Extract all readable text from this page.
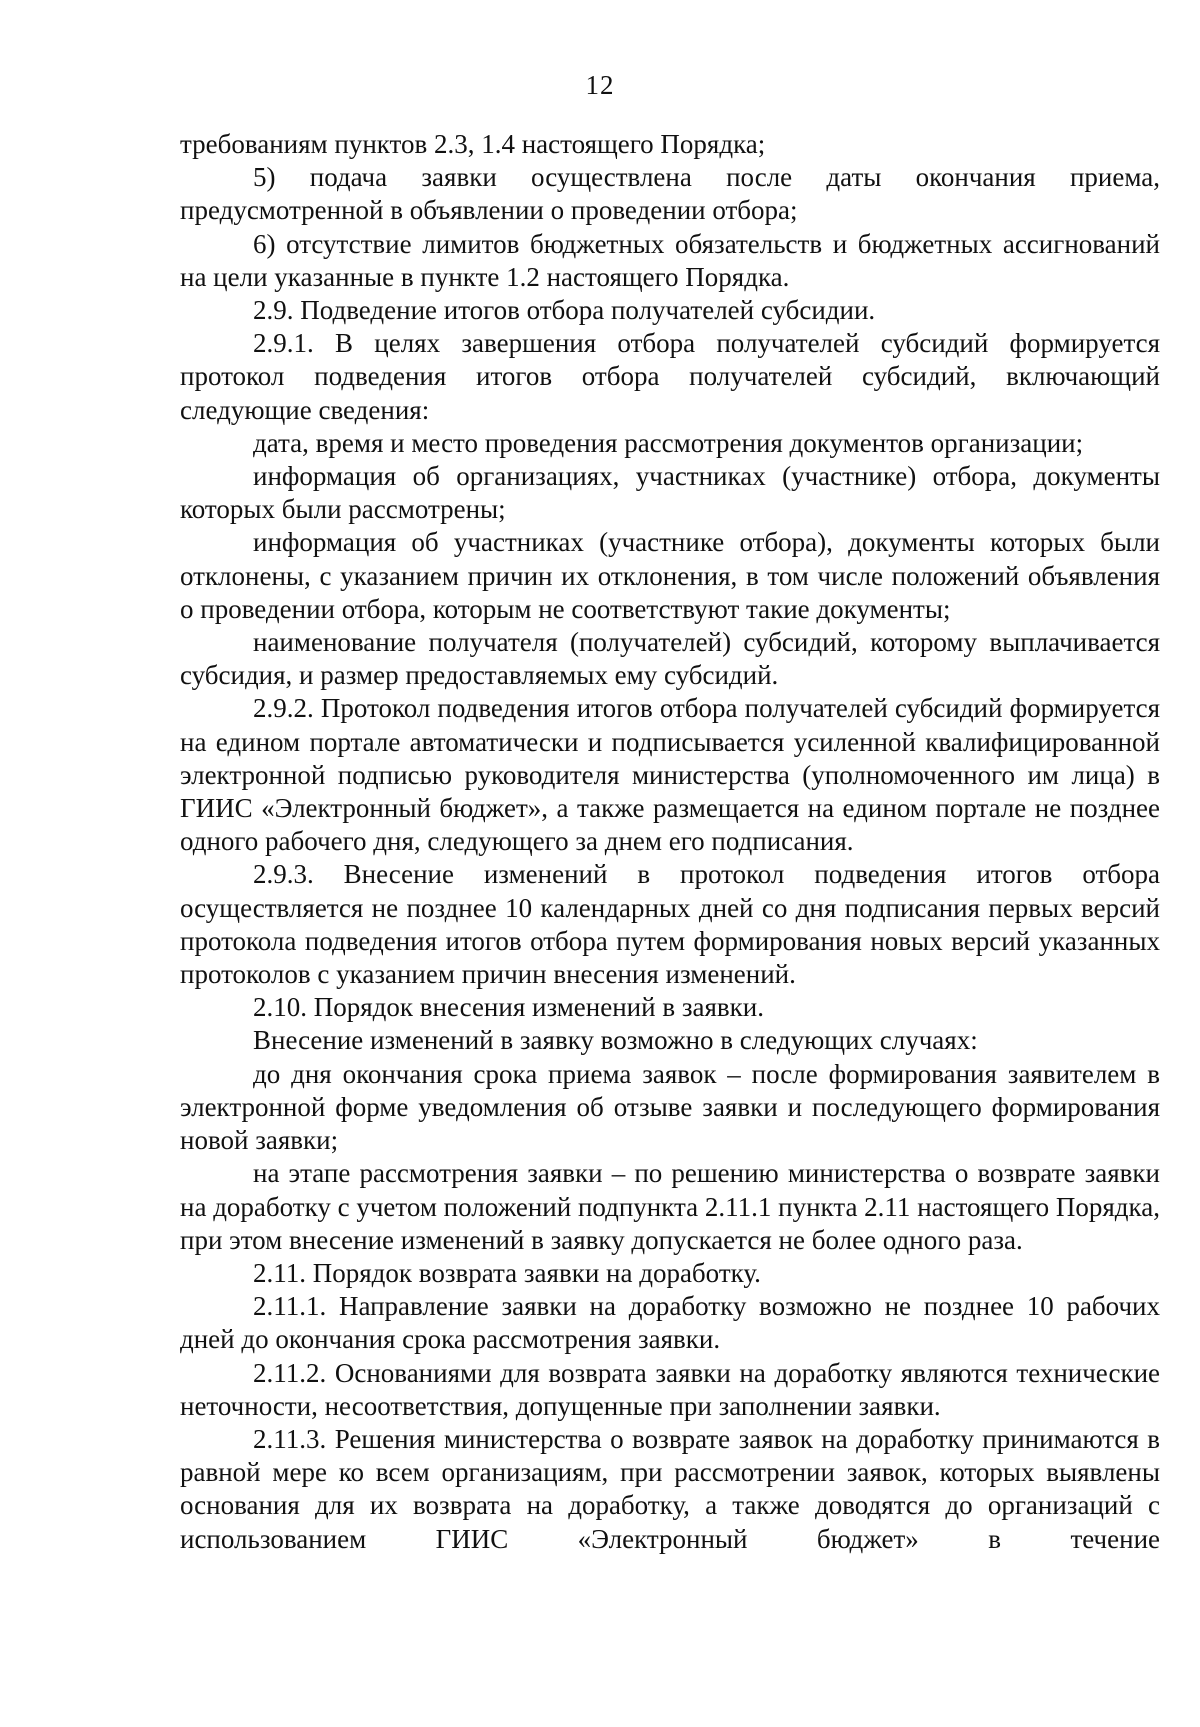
12

требованиям пунктов 2.3, 1.4 настоящего Порядка;

5) подача заявки осуществлена после даты окончания приема, предусмотренной в объявлении о проведении отбора;

6) отсутствие лимитов бюджетных обязательств и бюджетных ассигнований на цели указанные в пункте 1.2 настоящего Порядка.

2.9. Подведение итогов отбора получателей субсидии.

2.9.1. В целях завершения отбора получателей субсидий формируется протокол подведения итогов отбора получателей субсидий, включающий следующие сведения:

дата, время и место проведения рассмотрения документов организации;

информация об организациях, участниках (участнике) отбора, документы которых были рассмотрены;

информация об участниках (участнике отбора), документы которых были отклонены, с указанием причин их отклонения, в том числе положений объявления о проведении отбора, которым не соответствуют такие документы;

наименование получателя (получателей) субсидий, которому выплачивается субсидия, и размер предоставляемых ему субсидий.

2.9.2. Протокол подведения итогов отбора получателей субсидий формируется на едином портале автоматически и подписывается усиленной квалифицированной электронной подписью руководителя министерства (уполномоченного им лица) в ГИИС «Электронный бюджет», а также размещается на едином портале не позднее одного рабочего дня, следующего за днем его подписания.

2.9.3. Внесение изменений в протокол подведения итогов отбора осуществляется не позднее 10 календарных дней со дня подписания первых версий протокола подведения итогов отбора путем формирования новых версий указанных протоколов с указанием причин внесения изменений.

2.10. Порядок внесения изменений в заявки.

Внесение изменений в заявку возможно в следующих случаях:

до дня окончания срока приема заявок – после формирования заявителем в электронной форме уведомления об отзыве заявки и последующего формирования новой заявки;

на этапе рассмотрения заявки – по решению министерства о возврате заявки на доработку с учетом положений подпункта 2.11.1 пункта 2.11 настоящего Порядка, при этом внесение изменений в заявку допускается не более одного раза.

2.11. Порядок возврата заявки на доработку.

2.11.1. Направление заявки на доработку возможно не позднее 10 рабочих дней до окончания срока рассмотрения заявки.

2.11.2. Основаниями для возврата заявки на доработку являются технические неточности, несоответствия, допущенные при заполнении заявки.

2.11.3. Решения министерства о возврате заявок на доработку принимаются в равной мере ко всем организациям, при рассмотрении заявок, которых выявлены основания для их возврата на доработку, а также доводятся до организаций с использованием ГИИС «Электронный бюджет» в течение
